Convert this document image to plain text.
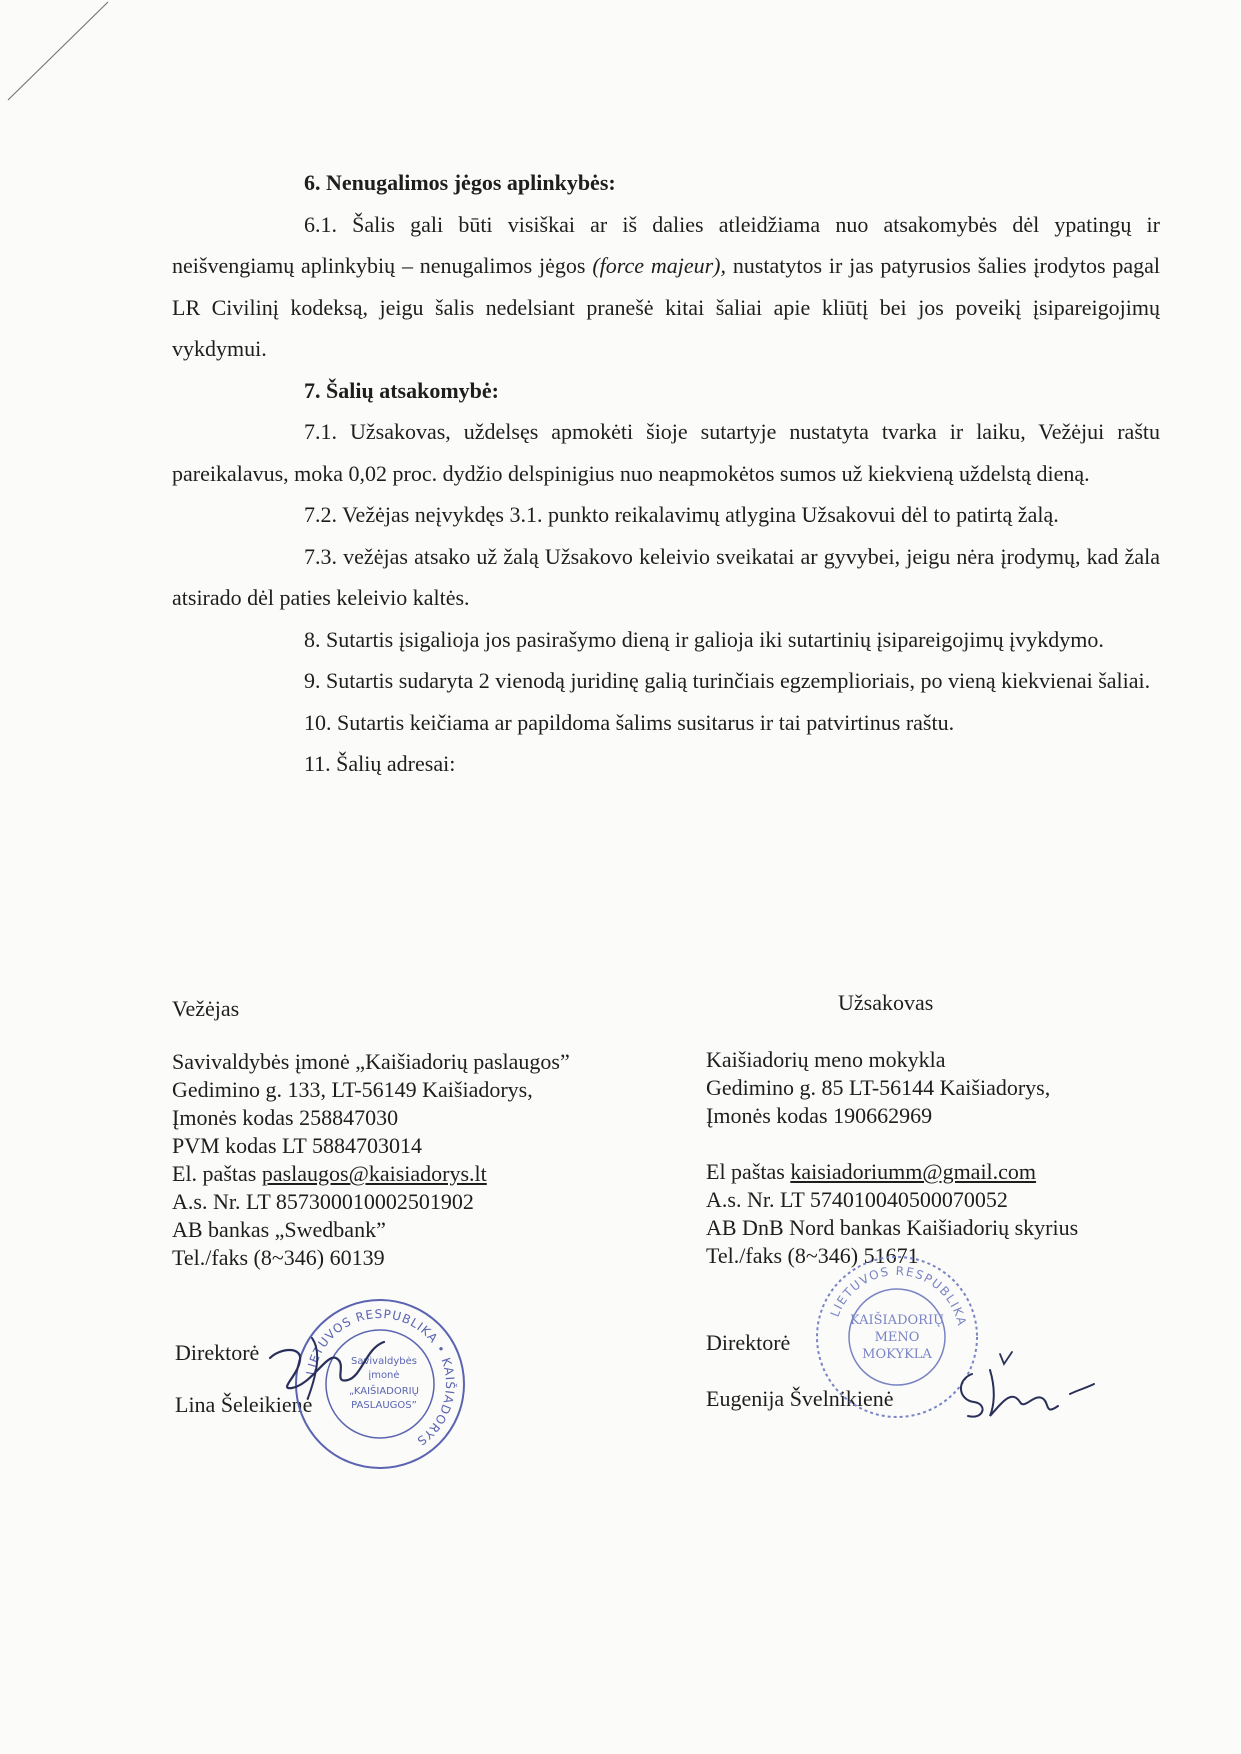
6. Nenugalimos jėgos aplinkybės:

6.1. Šalis gali būti visiškai ar iš dalies atleidžiama nuo atsakomybės dėl ypatingų ir neišvengiamų aplinkybių – nenugalimos jėgos (force majeur), nustatytos ir jas patyrusios šalies įrodytos pagal LR Civilinį kodeksą, jeigu šalis nedelsiant pranešė kitai šaliai apie kliūtį bei jos poveikį įsipareigojimų vykdymui.

7. Šalių atsakomybė:

7.1. Užsakovas, uždelsęs apmokėti šioje sutartyje nustatyta tvarka ir laiku, Vežėjui raštu pareikalavus, moka 0,02 proc. dydžio delspinigius nuo neapmokėtos sumos už kiekvieną uždelstą dieną.

7.2. Vežėjas neįvykdęs 3.1. punkto reikalavimų atlygina Užsakovui dėl to patirtą žalą.

7.3. vežėjas atsako už žalą Užsakovo keleivio sveikatai ar gyvybei, jeigu nėra įrodymų, kad žala atsirado dėl paties keleivio kaltės.

8. Sutartis įsigalioja jos pasirašymo dieną ir galioja iki sutartinių įsipareigojimų įvykdymo.

9. Sutartis sudaryta 2 vienodą juridinę galią turinčiais egzemplioriais, po vieną kiekvienai šaliai.

10. Sutartis keičiama ar papildoma šalims susitarus ir tai patvirtinus raštu.

11. Šalių adresai:

Vežėjas
Savivaldybės įmonė „Kaišiadorių paslaugos”
Gedimino g. 133, LT-56149 Kaišiadorys,
Įmonės kodas 258847030
PVM kodas LT 5884703014
El. paštas paslaugos@kaisiadorys.lt
A.s. Nr. LT 857300010002501902
AB bankas „Swedbank”
Tel./faks (8~346) 60139
Direktorė
Lina Šeleikienė
Užsakovas
Kaišiadorių meno mokykla
Gedimino g. 85 LT-56144 Kaišiadorys,
Įmonės kodas 190662969
El paštas kaisiadoriumm@gmail.com
A.s. Nr. LT 574010040500070052
AB DnB Nord bankas Kaišiadorių skyrius
Tel./faks (8~346) 51671
Direktorė
Eugenija Švelnikienė
LIETUVOS RESPUBLIKA • KAIŠIADORYS
Savivaldybės
įmonė
„KAIŠIADORIŲ
PASLAUGOS”
LIETUVOS RESPUBLIKA
KAIŠIADORIŲ
MENO
MOKYKLA
